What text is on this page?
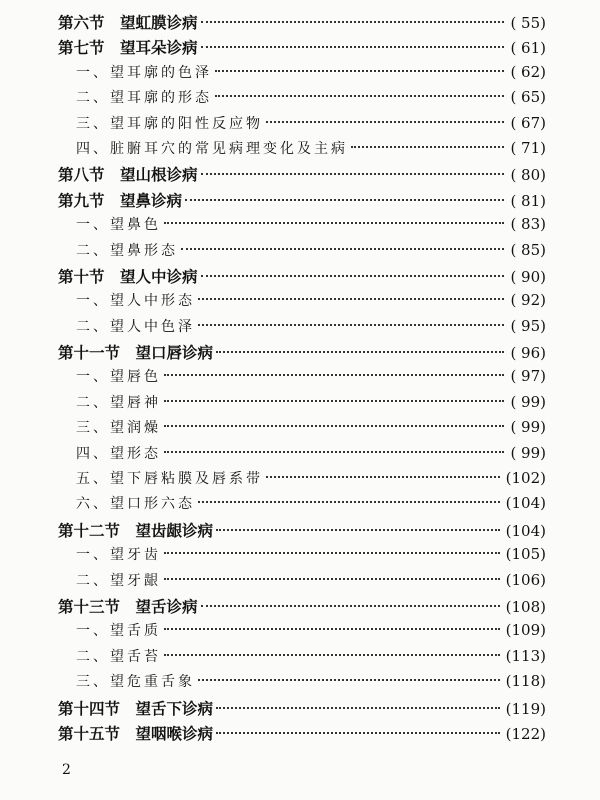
第六节　望虹膜诊病	( 55)
第七节　望耳朵诊病	( 61)
一、望耳廓的色泽	( 62)
二、望耳廓的形态	( 65)
三、望耳廓的阳性反应物	( 67)
四、脏腑耳穴的常见病理变化及主病	( 71)
第八节　望山根诊病	( 80)
第九节　望鼻诊病	( 81)
一、望鼻色	( 83)
二、望鼻形态	( 85)
第十节　望人中诊病	( 90)
一、望人中形态	( 92)
二、望人中色泽	( 95)
第十一节　望口唇诊病	( 96)
一、望唇色	( 97)
二、望唇神	( 99)
三、望润燥	( 99)
四、望形态	( 99)
五、望下唇粘膜及唇系带	(102)
六、望口形六态	(104)
第十二节　望齿龈诊病	(104)
一、望牙齿	(105)
二、望牙龈	(106)
第十三节　望舌诊病	(108)
一、望舌质	(109)
二、望舌苔	(113)
三、望危重舌象	(118)
第十四节　望舌下诊病	(119)
第十五节　望咽喉诊病	(122)
2
